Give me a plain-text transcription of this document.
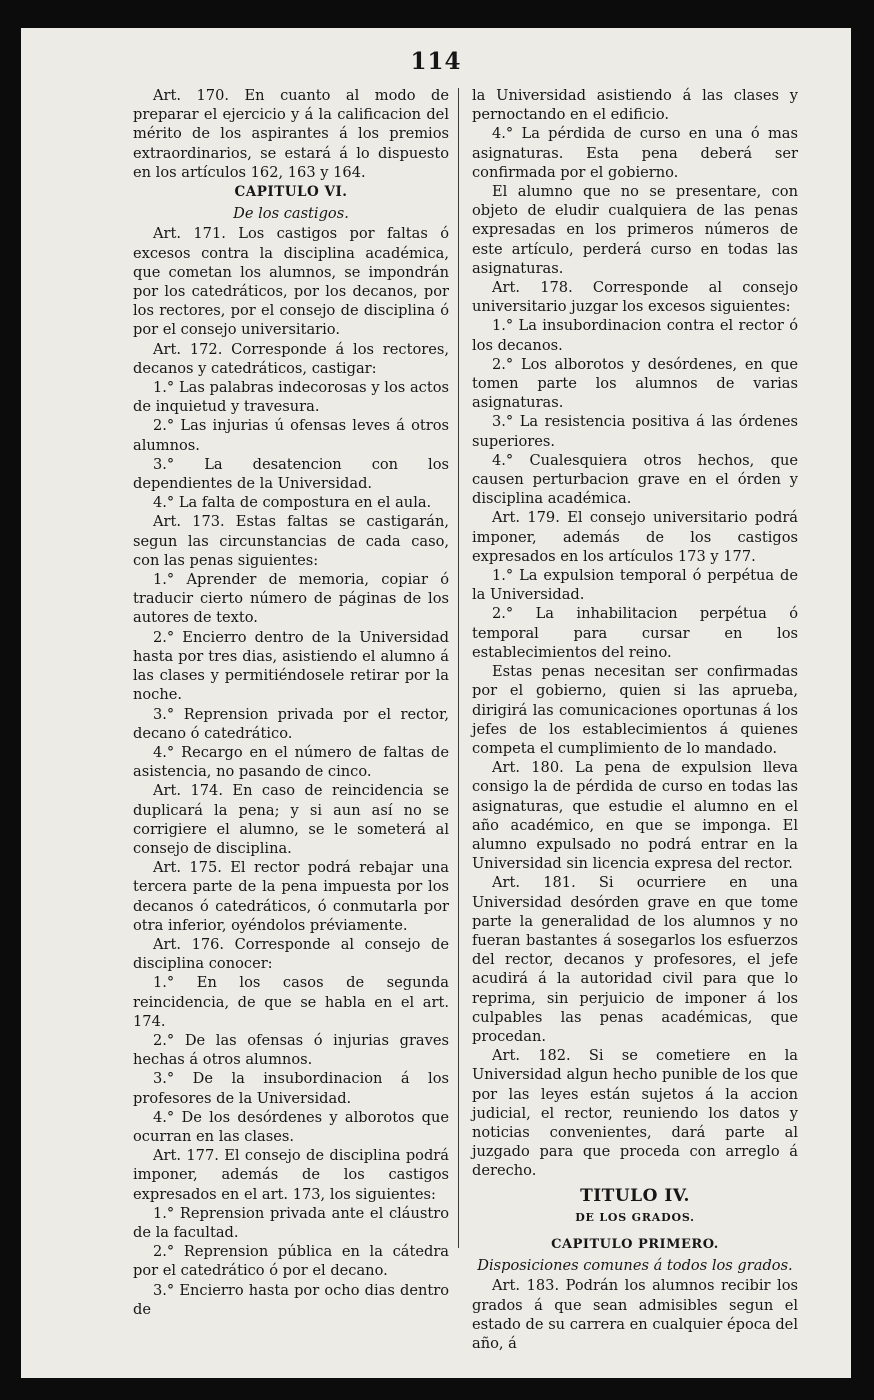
114
Art. 170. En cuanto al modo de preparar el ejercicio y á la calificacion del mérito de los aspirantes á los premios extraordinarios, se estará á lo dispuesto en los artículos 162, 163 y 164.
CAPITULO VI.
De los castigos.
Art. 171. Los castigos por faltas ó excesos contra la disciplina académica, que cometan los alumnos, se impondrán por los catedráticos, por los decanos, por los rectores, por el consejo de disciplina ó por el consejo universitario.
Art. 172. Corresponde á los rectores, decanos y catedráticos, castigar:
1.° Las palabras indecorosas y los actos de inquietud y travesura.
2.° Las injurias ú ofensas leves á otros alumnos.
3.° La desatencion con los dependientes de la Universidad.
4.° La falta de compostura en el aula.
Art. 173. Estas faltas se castigarán, segun las circunstancias de cada caso, con las penas siguientes:
1.° Aprender de memoria, copiar ó traducir cierto número de páginas de los autores de texto.
2.° Encierro dentro de la Universidad hasta por tres dias, asistiendo el alumno á las clases y permitiéndosele retirar por la noche.
3.° Reprension privada por el rector, decano ó catedrático.
4.° Recargo en el número de faltas de asistencia, no pasando de cinco.
Art. 174. En caso de reincidencia se duplicará la pena; y si aun así no se corrigiere el alumno, se le someterá al consejo de disciplina.
Art. 175. El rector podrá rebajar una tercera parte de la pena impuesta por los decanos ó catedráticos, ó conmutarla por otra inferior, oyéndolos préviamente.
Art. 176. Corresponde al consejo de disciplina conocer:
1.° En los casos de segunda reincidencia, de que se habla en el art. 174.
2.° De las ofensas ó injurias graves hechas á otros alumnos.
3.° De la insubordinacion á los profesores de la Universidad.
4.° De los desórdenes y alborotos que ocurran en las clases.
Art. 177. El consejo de disciplina podrá imponer, además de los castigos expresados en el art. 173, los siguientes:
1.° Reprension privada ante el cláustro de la facultad.
2.° Reprension pública en la cátedra por el catedrático ó por el decano.
3.° Encierro hasta por ocho dias dentro de
la Universidad asistiendo á las clases y pernoctando en el edificio.
4.° La pérdida de curso en una ó mas asignaturas. Esta pena deberá ser confirmada por el gobierno.
El alumno que no se presentare, con objeto de eludir cualquiera de las penas expresadas en los primeros números de este artículo, perderá curso en todas las asignaturas.
Art. 178. Corresponde al consejo universitario juzgar los excesos siguientes:
1.° La insubordinacion contra el rector ó los decanos.
2.° Los alborotos y desórdenes, en que tomen parte los alumnos de varias asignaturas.
3.° La resistencia positiva á las órdenes superiores.
4.° Cualesquiera otros hechos, que causen perturbacion grave en el órden y disciplina académica.
Art. 179. El consejo universitario podrá imponer, además de los castigos expresados en los artículos 173 y 177.
1.° La expulsion temporal ó perpétua de la Universidad.
2.° La inhabilitacion perpétua ó temporal para cursar en los establecimientos del reino.
Estas penas necesitan ser confirmadas por el gobierno, quien si las aprueba, dirigirá las comunicaciones oportunas á los jefes de los establecimientos á quienes competa el cumplimiento de lo mandado.
Art. 180. La pena de expulsion lleva consigo la de pérdida de curso en todas las asignaturas, que estudie el alumno en el año académico, en que se imponga. El alumno expulsado no podrá entrar en la Universidad sin licencia expresa del rector.
Art. 181. Si ocurriere en una Universidad desórden grave en que tome parte la generalidad de los alumnos y no fueran bastantes á sosegarlos los esfuerzos del rector, decanos y profesores, el jefe acudirá á la autoridad civil para que lo reprima, sin perjuicio de imponer á los culpables las penas académicas, que procedan.
Art. 182. Si se cometiere en la Universidad algun hecho punible de los que por las leyes están sujetos á la accion judicial, el rector, reuniendo los datos y noticias convenientes, dará parte al juzgado para que proceda con arreglo á derecho.
TITULO IV.
DE LOS GRADOS.
CAPITULO PRIMERO.
Disposiciones comunes á todos los grados.
Art. 183. Podrán los alumnos recibir los grados á que sean admisibles segun el estado de su carrera en cualquier época del año, á
